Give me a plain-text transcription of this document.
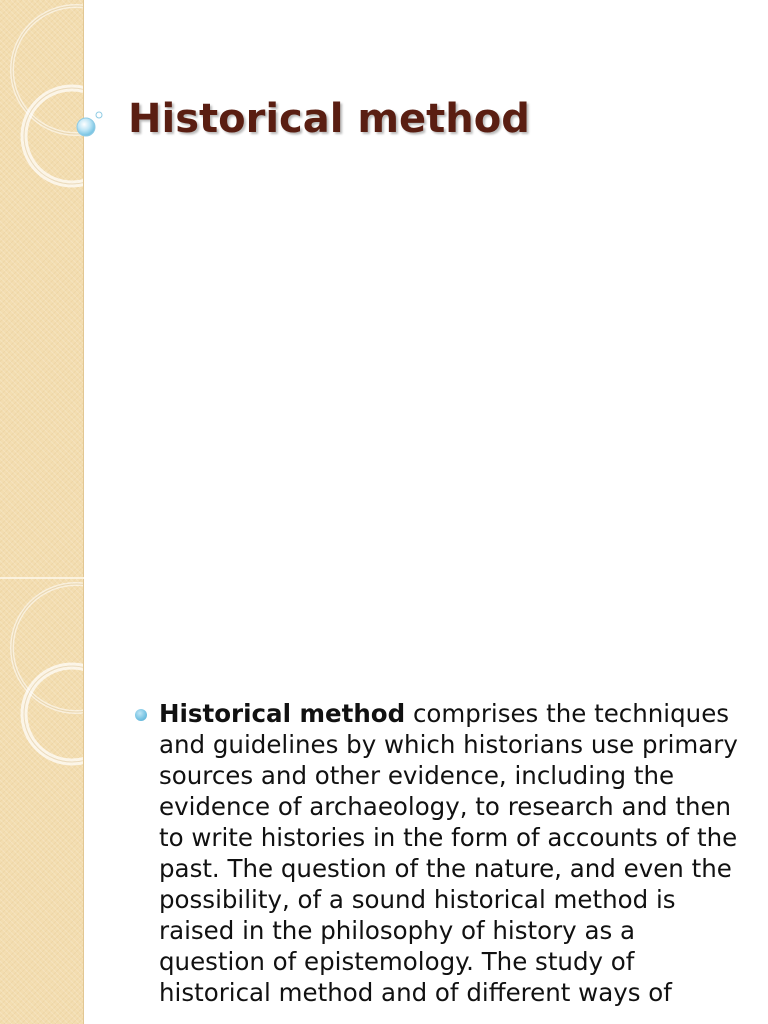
Historical method

Historical method comprises the techniques and guidelines by which historians use primary sources and other evidence, including the evidence of archaeology, to research and then to write histories in the form of accounts of the past. The question of the nature, and even the possibility, of a sound historical method is raised in the philosophy of history as a question of epistemology. The study of historical method and of different ways of
